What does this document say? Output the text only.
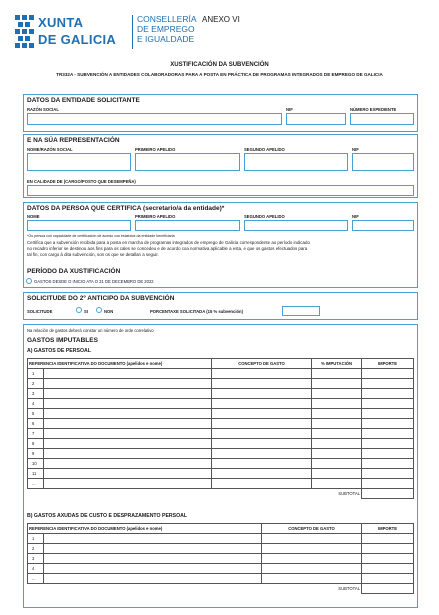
XUNTA
DE GALICIA
CONSELLERÍA
DE EMPREGO
E IGUALDADE
ANEXO VI
XUSTIFICACIÓN DA SUBVENCIÓN
TR332A - SUBVENCIÓN A ENTIDADES COLABORADORAS PARA A POSTA EN PRÁCTICA DE PROGRAMAS INTEGRADOS DE EMPREGO DE GALICIA
DATOS DA ENTIDADE SOLICITANTE
RAZÓN SOCIAL	NIF	NÚMERO EXPEDIENTE
E NA SÚA REPRESENTACIÓN
NOME/RAZÓN SOCIAL	PRIMEIRO APELIDO	SEGUNDO APELIDO	NIF
EN CALIDADE DE (CARGO/POSTO QUE DESEMPEÑA)
DATOS DA PERSOA QUE CERTIFICA (secretario/a da entidade)*
NOME	PRIMEIRO APELIDO	SEGUNDO APELIDO	NIF
*Ou persoa con capacidade de certificación de acordo cos estatutos da entidade beneficiaria
Certifica que a subvención recibida para a posta en marcha de programas integrados de emprego de Galicia correspondente ao período indicado
no recadro inferior se destinou aos fins para os cales se concedeu e de acordo coa normativa aplicable a esta, e que os gastos efectuados para
tal fin, con cargo á dita subvención, son os que se detallan a seguir.
PERÍODO DA XUSTIFICACIÓN
GASTOS DESDE O INICIO ATA O 31 DE DECEMBRO DE 2022
SOLICITUDE DO 2º ANTICIPO DA SUBVENCIÓN
SOLICITUDE	SI	NON	PORCENTAXE SOLICITADA (15 % subvención)
Na relación de gastos deberá constar un número de orde correlativo
GASTOS IMPUTABLES
A) GASTOS DE PERSOAL
REFERENCIA IDENTIFICATIVA DO DOCUMENTO (apelidos e nome)		CONCEPTO DE GASTO	% IMPUTACIÓN	IMPORTE
1				
2				
3				
4				
5				
6				
7				
8				
9				
10				
11				
...				
SUBTOTAL				
B) GASTOS AXUDAS DE CUSTO E DESPRAZAMENTO PERSOAL
REFERENCIA IDENTIFICATIVA DO DOCUMENTO (apelidos e nome)		CONCEPTO DE GASTO	IMPORTE
1			
2			
3			
4			
...			
SUBTOTAL			
